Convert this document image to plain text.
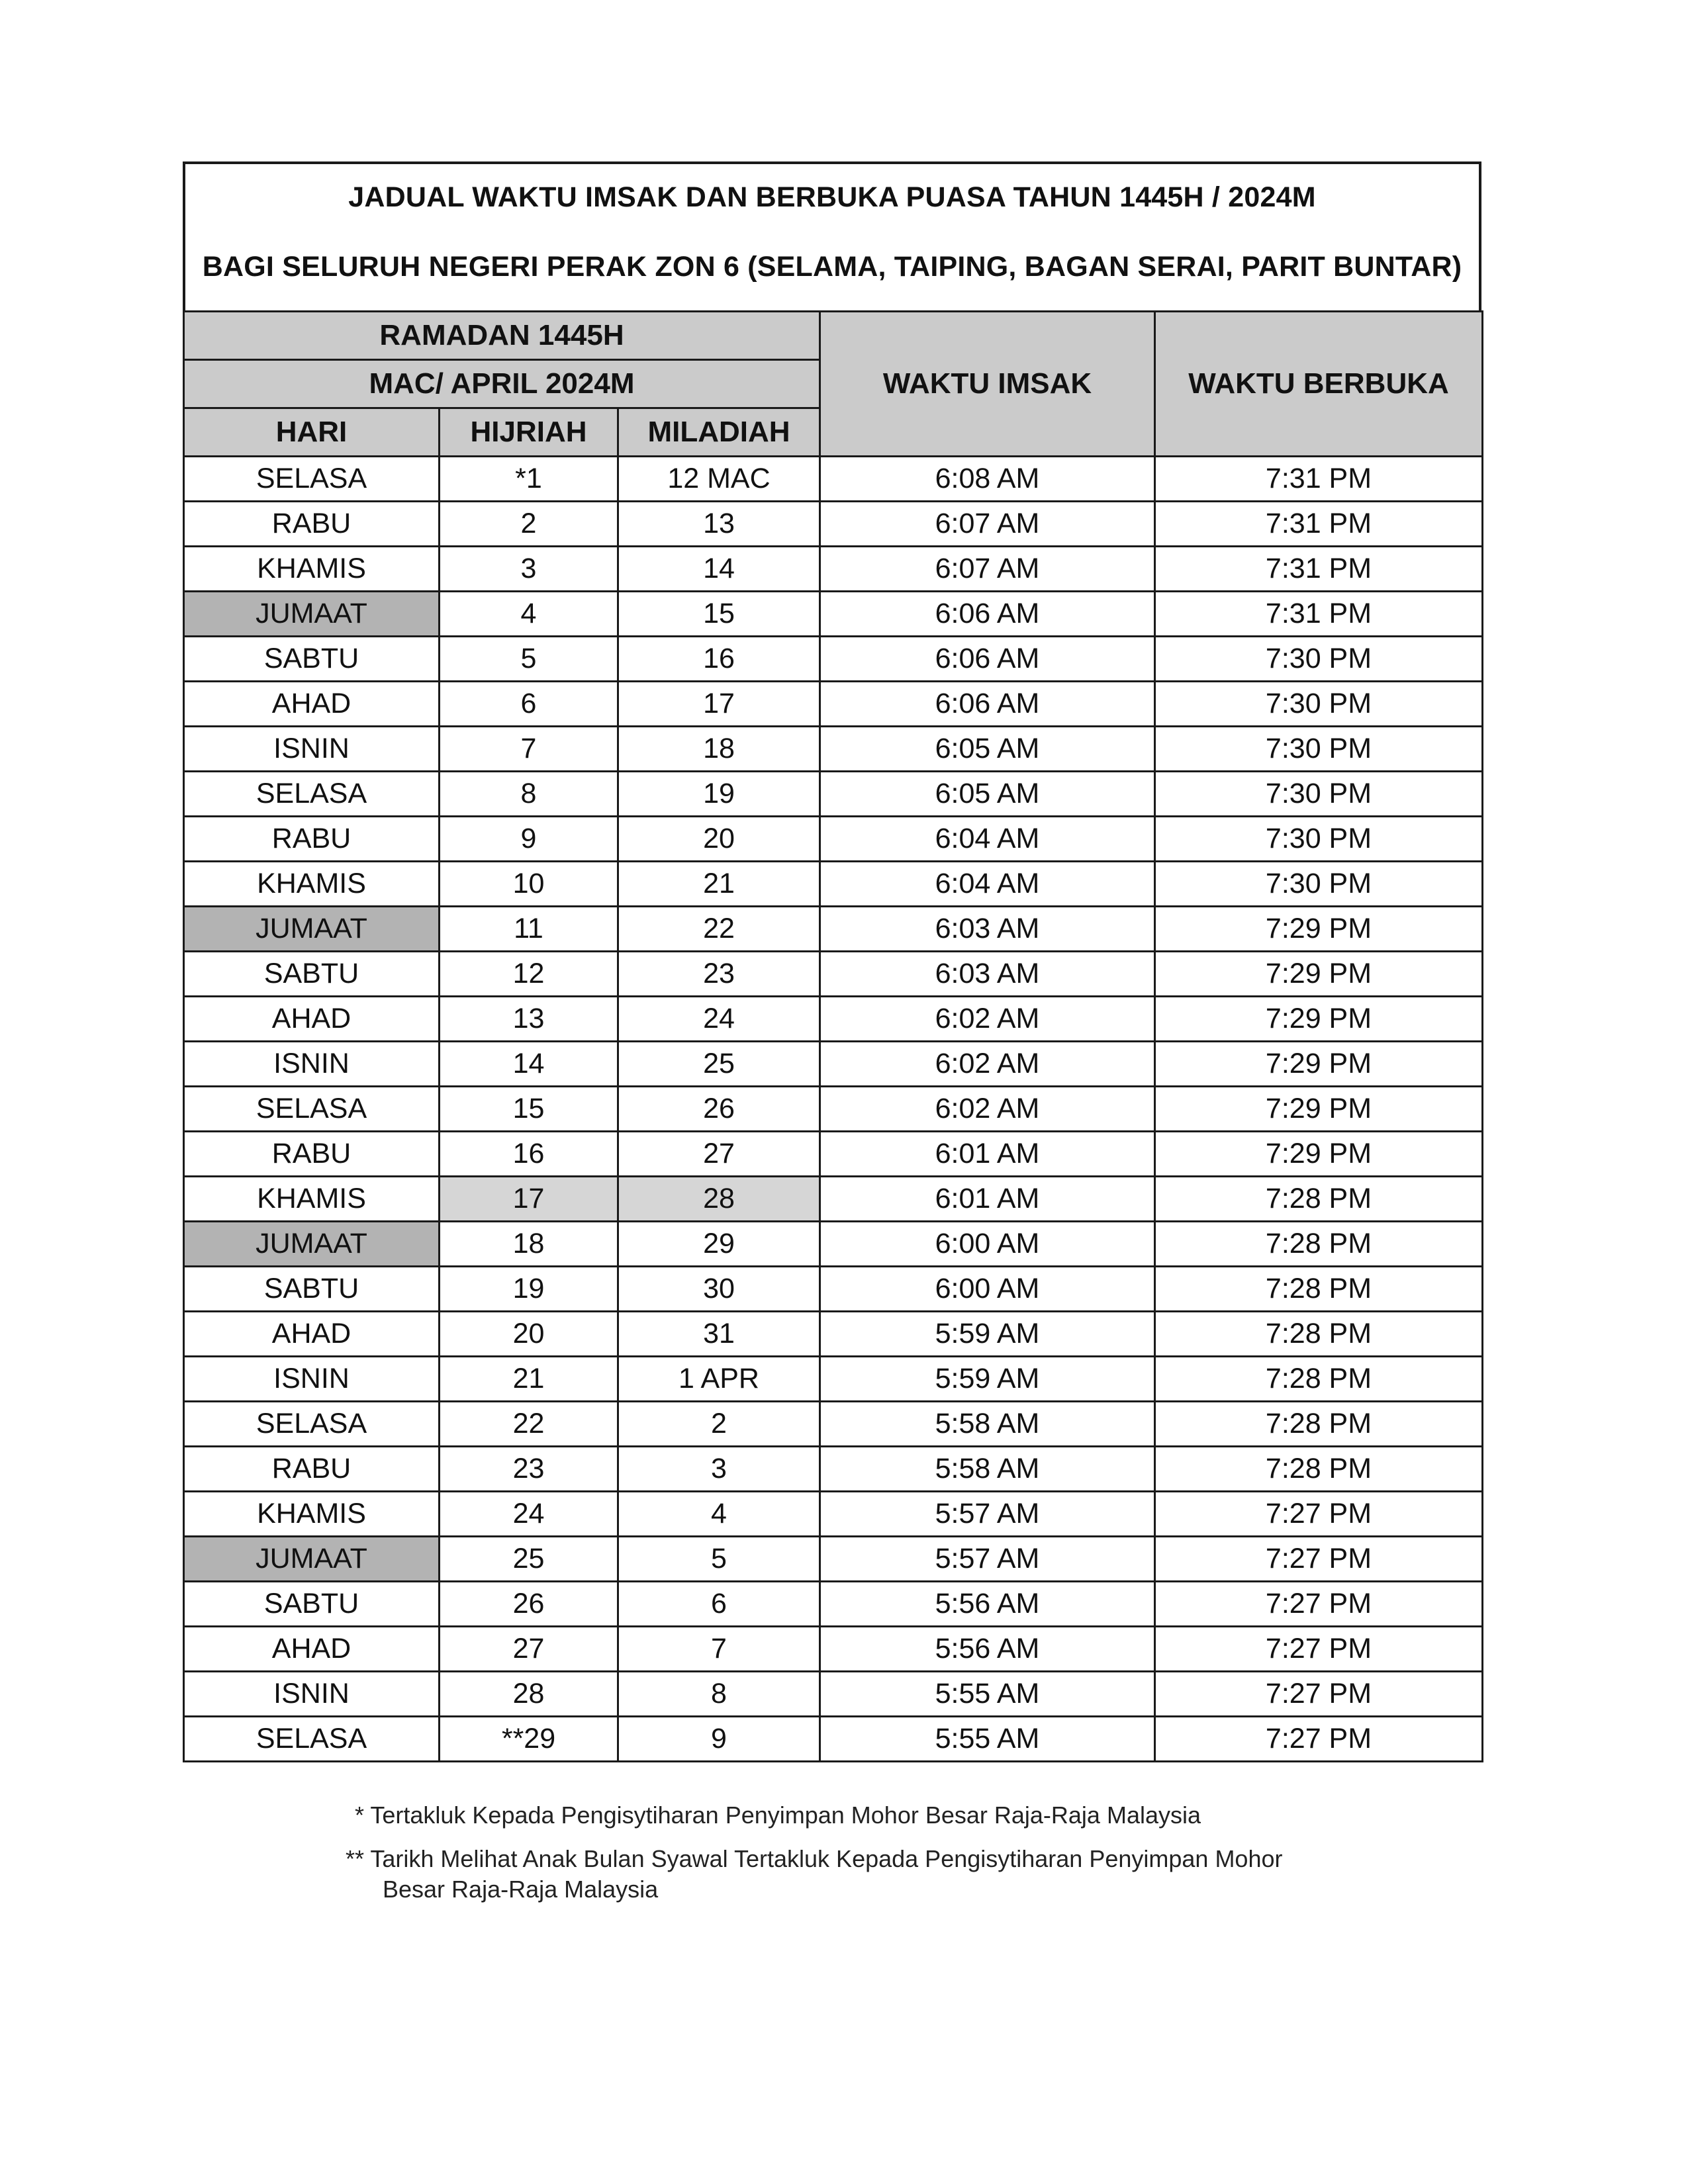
JADUAL WAKTU IMSAK DAN BERBUKA PUASA TAHUN 1445H / 2024M
BAGI SELURUH NEGERI PERAK ZON 6 (SELAMA, TAIPING, BAGAN SERAI, PARIT BUNTAR)
RAMADAN 1445H			WAKTU IMSAK	WAKTU BERBUKA
MAC/ APRIL 2024M				
HARI	HIJRIAH	MILADIAH		
SELASA	*1	12 MAC	6:08 AM	7:31 PM
RABU	2	13	6:07 AM	7:31 PM
KHAMIS	3	14	6:07 AM	7:31 PM
JUMAAT	4	15	6:06 AM	7:31 PM
SABTU	5	16	6:06 AM	7:30 PM
AHAD	6	17	6:06 AM	7:30 PM
ISNIN	7	18	6:05 AM	7:30 PM
SELASA	8	19	6:05 AM	7:30 PM
RABU	9	20	6:04 AM	7:30 PM
KHAMIS	10	21	6:04 AM	7:30 PM
JUMAAT	11	22	6:03 AM	7:29 PM
SABTU	12	23	6:03 AM	7:29 PM
AHAD	13	24	6:02 AM	7:29 PM
ISNIN	14	25	6:02 AM	7:29 PM
SELASA	15	26	6:02 AM	7:29 PM
RABU	16	27	6:01 AM	7:29 PM
KHAMIS	17	28	6:01 AM	7:28 PM
JUMAAT	18	29	6:00 AM	7:28 PM
SABTU	19	30	6:00 AM	7:28 PM
AHAD	20	31	5:59 AM	7:28 PM
ISNIN	21	1 APR	5:59 AM	7:28 PM
SELASA	22	2	5:58 AM	7:28 PM
RABU	23	3	5:58 AM	7:28 PM
KHAMIS	24	4	5:57 AM	7:27 PM
JUMAAT	25	5	5:57 AM	7:27 PM
SABTU	26	6	5:56 AM	7:27 PM
AHAD	27	7	5:56 AM	7:27 PM
ISNIN	28	8	5:55 AM	7:27 PM
SELASA	**29	9	5:55 AM	7:27 PM
* Tertakluk Kepada Pengisytiharan Penyimpan Mohor Besar Raja-Raja Malaysia
** Tarikh Melihat Anak Bulan Syawal Tertakluk Kepada Pengisytiharan Penyimpan Mohor
Besar Raja-Raja Malaysia
